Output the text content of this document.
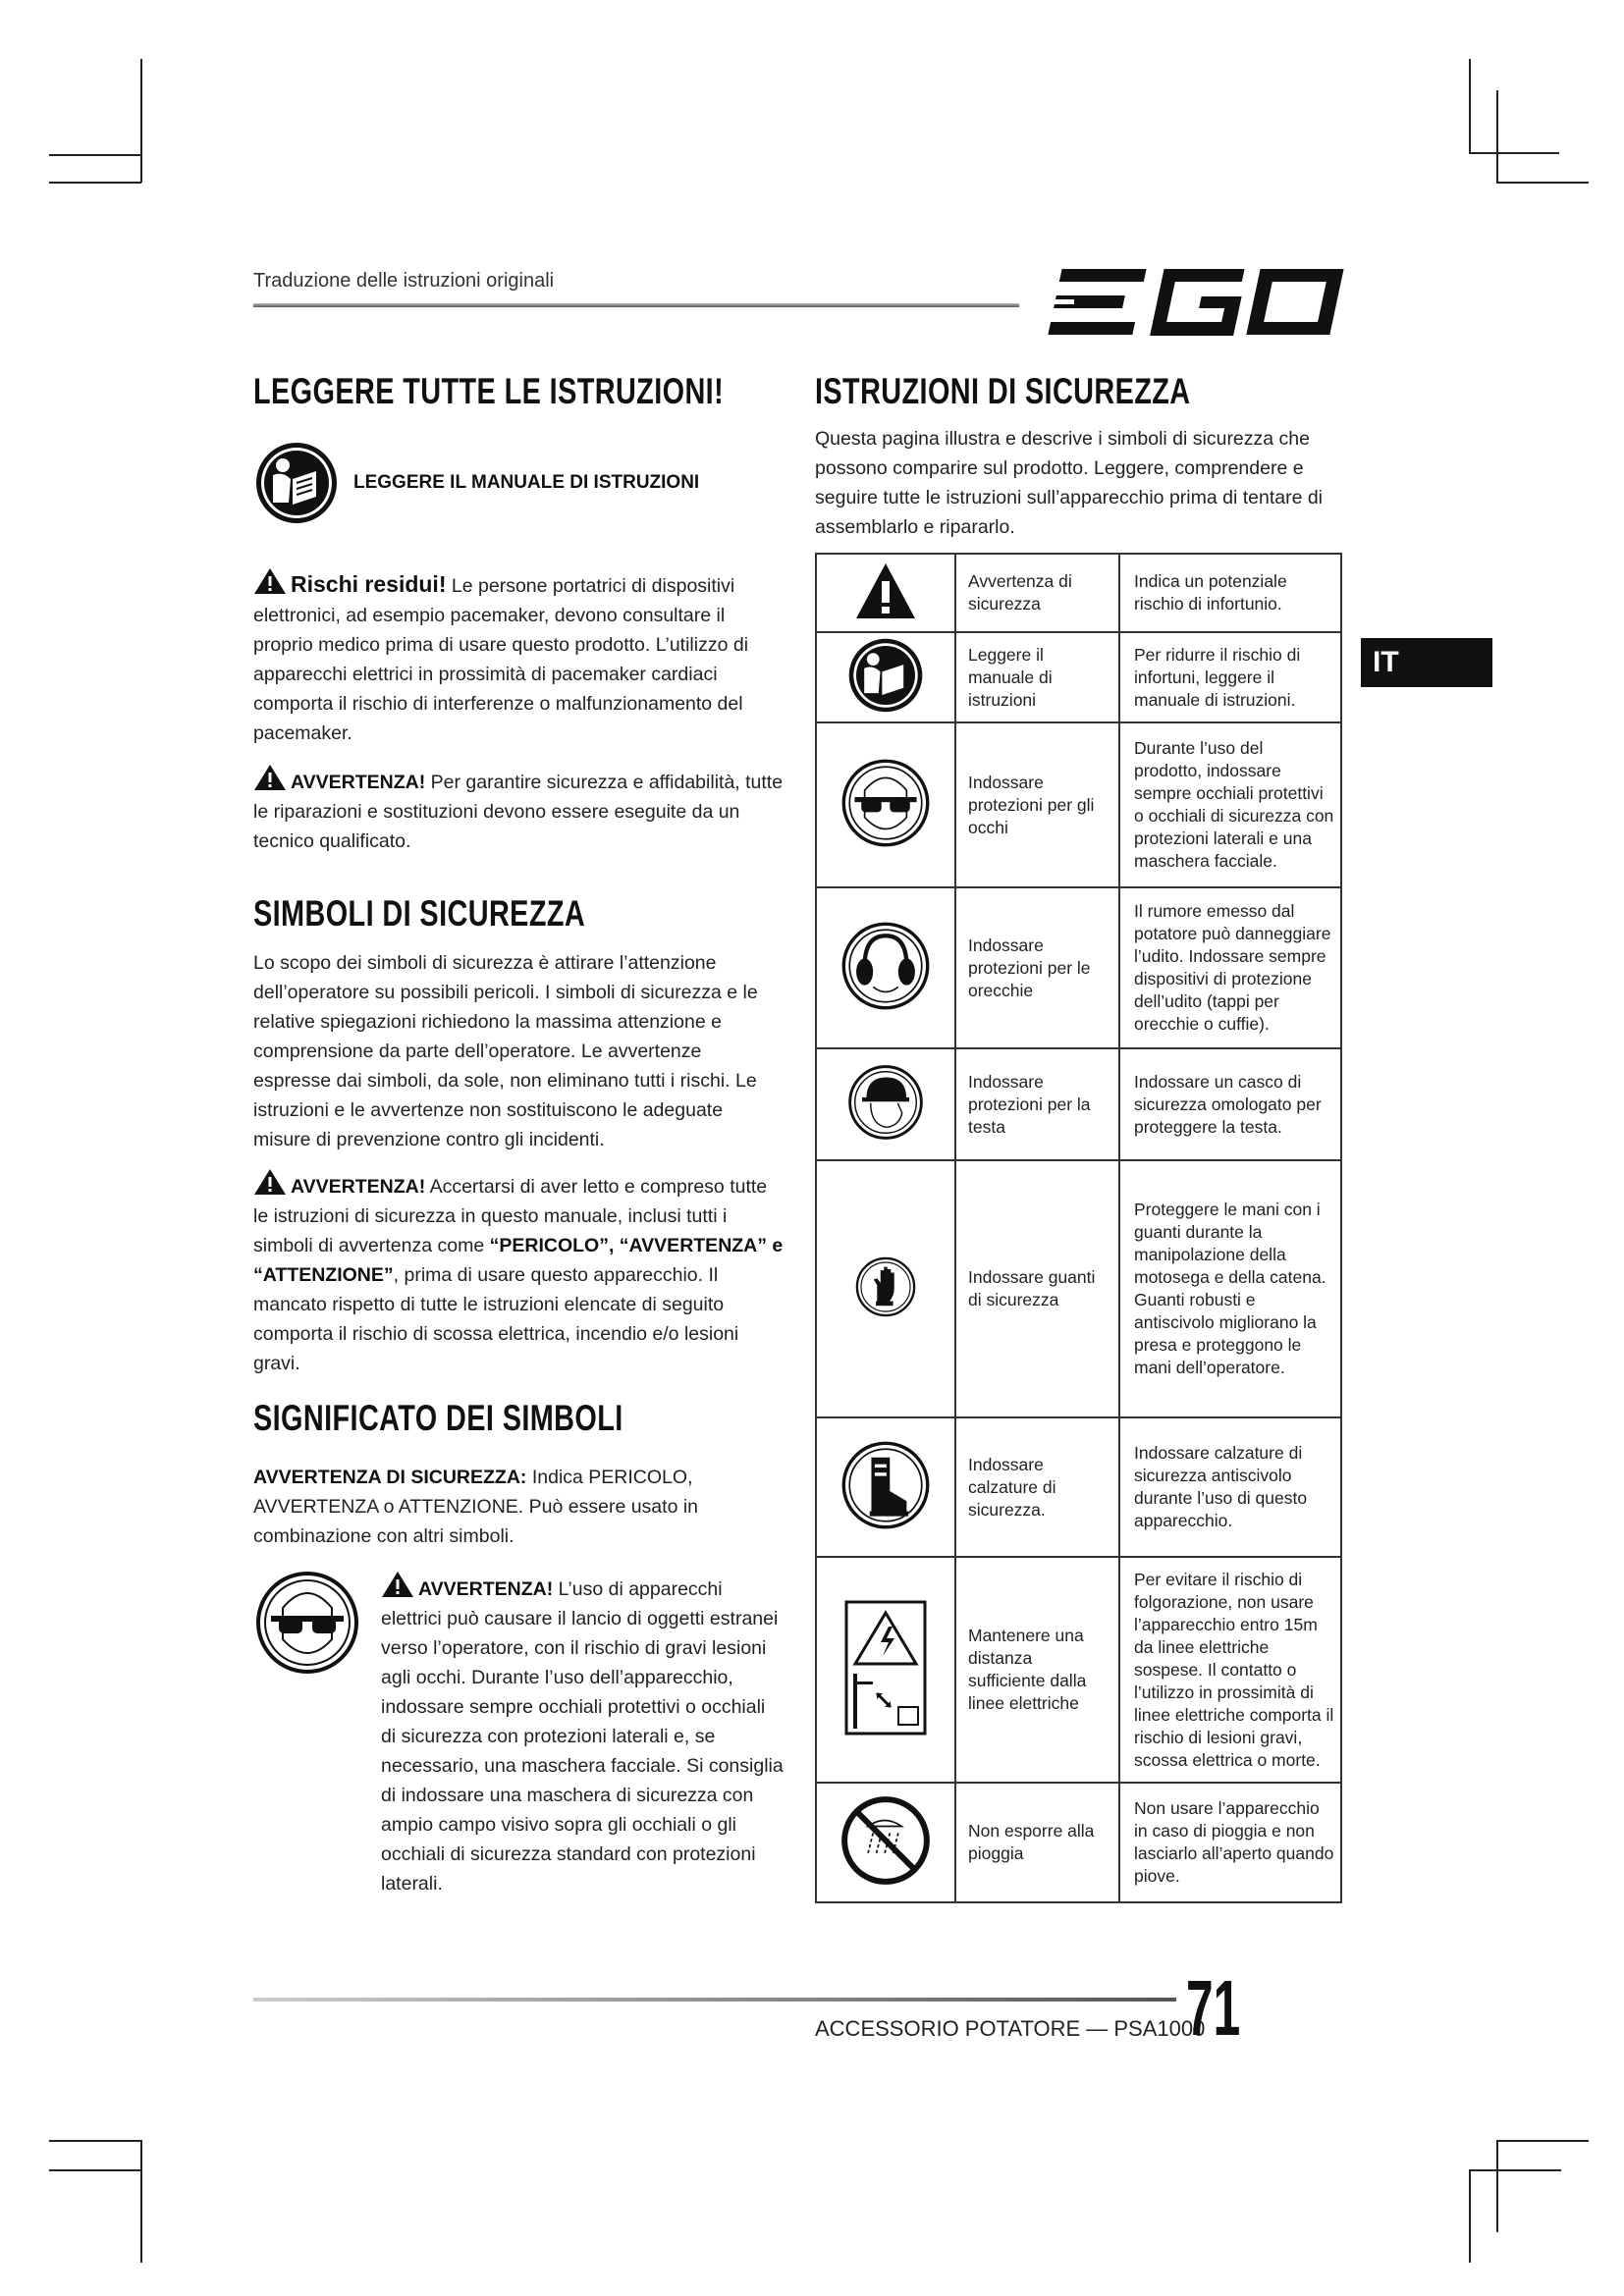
Traduzione delle istruzioni originali
LEGGERE TUTTE LE ISTRUZIONI!
LEGGERE IL MANUALE DI ISTRUZIONI
Rischi residui! Le persone portatrici di dispositivi elettronici, ad esempio pacemaker, devono consultare il proprio medico prima di usare questo prodotto. L’utilizzo di apparecchi elettrici in prossimità di pacemaker cardiaci comporta il rischio di interferenze o malfunzionamento del pacemaker.
AVVERTENZA! Per garantire sicurezza e affidabilità, tutte le riparazioni e sostituzioni devono essere eseguite da un tecnico qualificato.
SIMBOLI DI SICUREZZA
Lo scopo dei simboli di sicurezza è attirare l’attenzione dell’operatore su possibili pericoli. I simboli di sicurezza e le relative spiegazioni richiedono la massima attenzione e comprensione da parte dell’operatore. Le avvertenze espresse dai simboli, da sole, non eliminano tutti i rischi. Le istruzioni e le avvertenze non sostituiscono le adeguate misure di prevenzione contro gli incidenti.
AVVERTENZA! Accertarsi di aver letto e compreso tutte le istruzioni di sicurezza in questo manuale, inclusi tutti i simboli di avvertenza come “PERICOLO”, “AVVERTENZA” e “ATTENZIONE”, prima di usare questo apparecchio. Il mancato rispetto di tutte le istruzioni elencate di seguito comporta il rischio di scossa elettrica, incendio e/o lesioni gravi.
SIGNIFICATO DEI SIMBOLI
AVVERTENZA DI SICUREZZA: Indica PERICOLO, AVVERTENZA o ATTENZIONE. Può essere usato in combinazione con altri simboli.
AVVERTENZA! L’uso di apparecchi elettrici può causare il lancio di oggetti estranei verso l’operatore, con il rischio di gravi lesioni agli occhi. Durante l’uso dell’apparecchio, indossare sempre occhiali protettivi o occhiali di sicurezza con protezioni laterali e, se necessario, una maschera facciale. Si consiglia di indossare una maschera di sicurezza con ampio campo visivo sopra gli occhiali o gli occhiali di sicurezza standard con protezioni laterali.
ISTRUZIONI DI SICUREZZA
Questa pagina illustra e descrive i simboli di sicurezza che possono comparire sul prodotto. Leggere, comprendere e seguire tutte le istruzioni sull’apparecchio prima di tentare di assemblarlo e ripararlo.
	Avvertenza di sicurezza	Indica un potenziale rischio di infortunio.
	Leggere il manuale di istruzioni	Per ridurre il rischio di infortuni, leggere il manuale di istruzioni.
	Indossare protezioni per gli occhi	Durante l’uso del prodotto, indossare sempre occhiali protettivi o occhiali di sicurezza con protezioni laterali e una maschera facciale.
	Indossare protezioni per le orecchie	Il rumore emesso dal potatore può danneggiare l’udito. Indossare sempre dispositivi di protezione dell’udito (tappi per orecchie o cuffie).
	Indossare protezioni per la testa	Indossare un casco di sicurezza omologato per proteggere la testa.
	Indossare guanti di sicurezza	Proteggere le mani con i guanti durante la manipolazione della motosega e della catena. Guanti robusti e antiscivolo migliorano la presa e proteggono le mani dell’operatore.
	Indossare calzature di sicurezza.	Indossare calzature di sicurezza antiscivolo durante l’uso di questo apparecchio.
	Mantenere una distanza sufficiente dalla linee elettriche	Per evitare il rischio di folgorazione, non usare l’apparecchio entro 15m da linee elettriche sospese. Il contatto o l’utilizzo in prossimità di linee elettriche comporta il rischio di lesioni gravi, scossa elettrica o morte.
	Non esporre alla pioggia	Non usare l’apparecchio in caso di pioggia e non lasciarlo all’aperto quando piove.
IT
ACCESSORIO POTATORE — PSA1000
71
